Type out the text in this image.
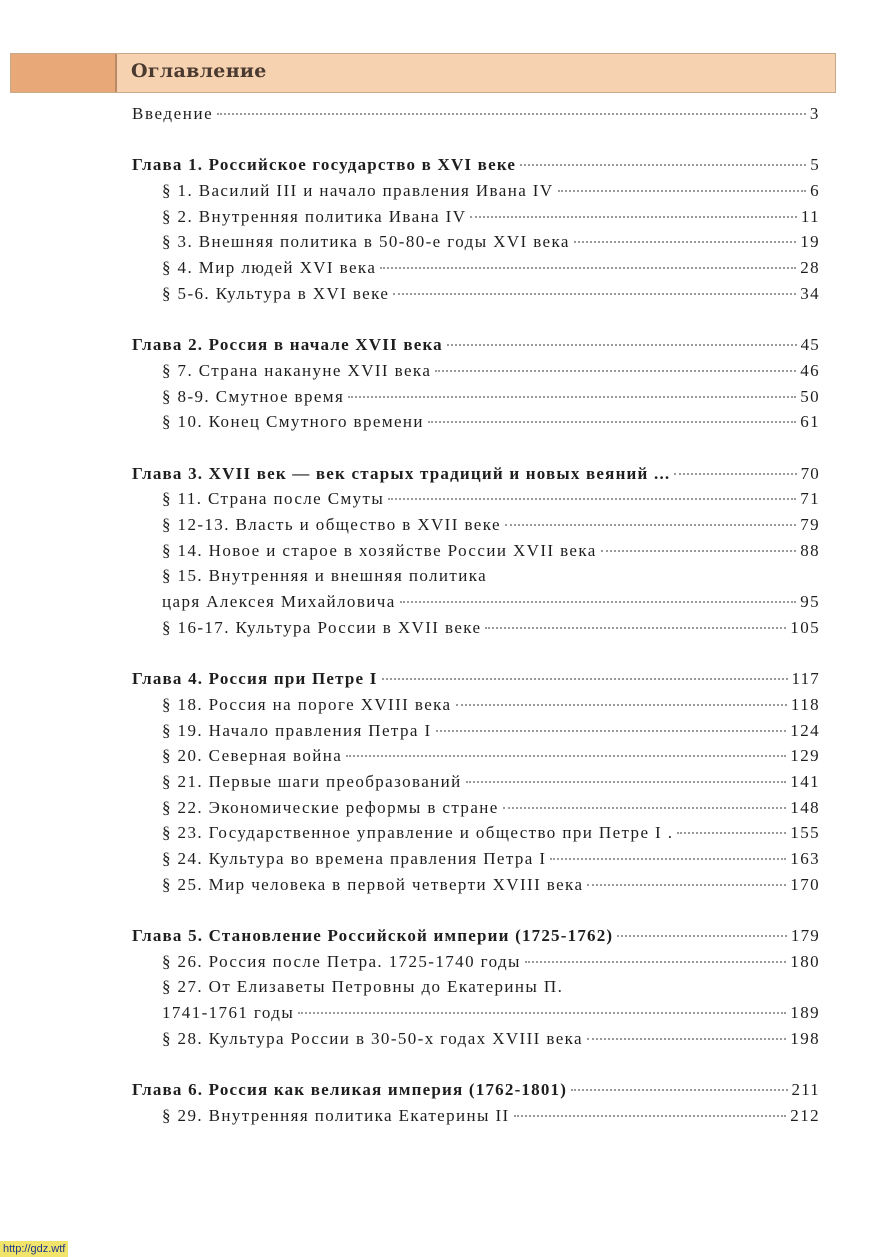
Оглавление
Введение	3
Глава 1. Российское государство в XVI веке	5
§ 1. Василий III и начало правления Ивана IV	6
§ 2. Внутренняя политика Ивана IV	11
§ 3. Внешняя политика в 50-80-е годы XVI века	19
§ 4. Мир людей XVI века	28
§ 5-6. Культура в XVI веке	34
Глава 2. Россия в начале XVII века	45
§ 7. Страна накануне XVII века	46
§ 8-9. Смутное время	50
§ 10. Конец Смутного времени	61
Глава 3. XVII век — век старых традиций и новых веяний ...	70
§ 11. Страна после Смуты	71
§ 12-13. Власть и общество в XVII веке	79
§ 14. Новое и старое в хозяйстве России XVII века	88
§ 15. Внутренняя и внешняя политика
царя Алексея Михайловича	95
§ 16-17. Культура России в XVII веке	105
Глава 4. Россия при Петре I	117
§ 18. Россия на пороге XVIII века	118
§ 19. Начало правления Петра I	124
§ 20. Северная война	129
§ 21. Первые шаги преобразований	141
§ 22. Экономические реформы в стране	148
§ 23. Государственное управление и общество при Петре I .	155
§ 24. Культура во времена правления Петра I	163
§ 25. Мир человека в первой четверти XVIII века	170
Глава 5. Становление Российской империи (1725-1762)	179
§ 26. Россия после Петра. 1725-1740 годы	180
§ 27. От Елизаветы Петровны до Екатерины П.
1741-1761 годы	189
§ 28. Культура России в 30-50-х годах XVIII века	198
Глава 6. Россия как великая империя (1762-1801)	211
§ 29. Внутренняя политика Екатерины II	212
http://gdz.wtf
